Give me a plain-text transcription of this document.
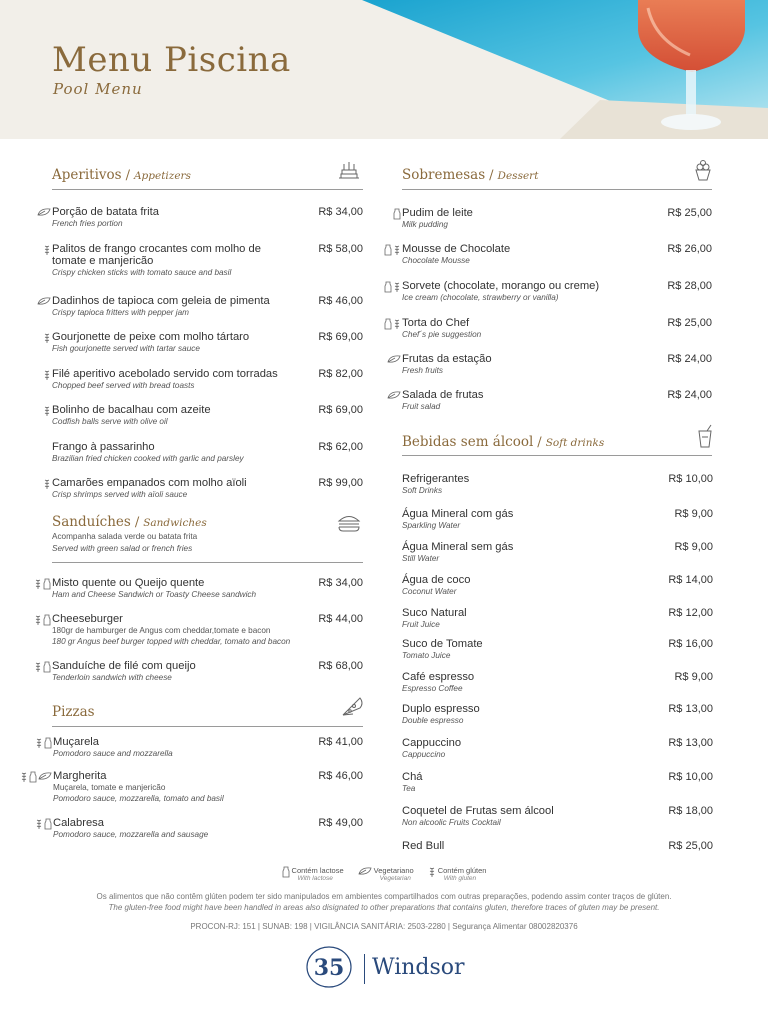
Menu Piscina
Pool Menu
Aperitivos / Appetizers
Porção de batata frita
French fries portion
R$ 34,00
Palitos de frango crocantes com molho de
tomate e manjericão
Crispy chicken sticks with tomato sauce and basil
R$ 58,00
Dadinhos de tapioca com geleia de pimenta
Crispy tapioca fritters with pepper jam
R$ 46,00
Gourjonette de peixe com molho tártaro
Fish gourjonette served with tartar sauce
R$ 69,00
Filé aperitivo acebolado servido com torradas
Chopped beef served with bread toasts
R$ 82,00
Bolinho de bacalhau com azeite
Codfish balls serve with olive oil
R$ 69,00
Frango à passarinho
Brazilian fried chicken cooked with garlic and parsley
R$ 62,00
Camarões empanados com molho aïoli
Crisp shrimps served with aïoli sauce
R$ 99,00
Sanduíches / Sandwiches
Acompanha salada verde ou batata frita
Served with green salad or french fries
Misto quente ou Queijo quente
Ham and Cheese Sandwich or Toasty Cheese sandwich
R$ 34,00
Cheeseburger
180gr de hamburger de Angus com cheddar,tomate e bacon
180 gr Angus beef burger topped with cheddar, tomato and bacon
R$ 44,00
Sanduíche de filé com queijo
Tenderloin sandwich with cheese
R$ 68,00
Pizzas
Muçarela
Pomodoro sauce and mozzarella
R$ 41,00
Margherita
Muçarela, tomate e manjericão
Pomodoro sauce, mozzarella, tomato and basil
R$ 46,00
Calabresa
Pomodoro sauce, mozzarella and sausage
R$ 49,00
Sobremesas / Dessert
Pudim de leite
Milk pudding
R$ 25,00
Mousse de Chocolate
Chocolate Mousse
R$ 26,00
Sorvete (chocolate, morango ou creme)
Ice cream (chocolate, strawberry or vanilla)
R$ 28,00
Torta do Chef
Chef´s pie suggestion
R$ 25,00
Frutas da estação
Fresh fruits
R$ 24,00
Salada de frutas
Fruit salad
R$ 24,00
Bebidas sem álcool / Soft drinks
Refrigerantes
Soft Drinks
R$ 10,00
Água Mineral com gás
Sparkling Water
R$ 9,00
Água Mineral sem gás
Still Water
R$ 9,00
Água de coco
Coconut Water
R$ 14,00
Suco Natural
Fruit Juice
R$ 12,00
Suco de Tomate
Tomato Juice
R$ 16,00
Café espresso
Espresso Coffee
R$ 9,00
Duplo espresso
Double espresso
R$ 13,00
Cappuccino
Cappuccino
R$ 13,00
Chá
Tea
R$ 10,00
Coquetel de Frutas sem álcool
Non alcoolic Fruits Cocktail
R$ 18,00
Red Bull	R$ 25,00
Contém lactose
With lactose
Vegetariano
Vegetarian
Contém glúten
With gluten
Os alimentos que não contêm glúten podem ter sido manipulados em ambientes compartilhados com outras preparações, podendo assim conter traços de glúten.
The gluten-free food might have been handled in areas also disignated to other preparations that contains gluten, therefore traces of gluten may be present.
PROCON-RJ: 151 | SUNAB: 198 | VIGILÂNCIA SANITÁRIA: 2503-2280 | Segurança Alimentar 08002820376
35 Windsor
